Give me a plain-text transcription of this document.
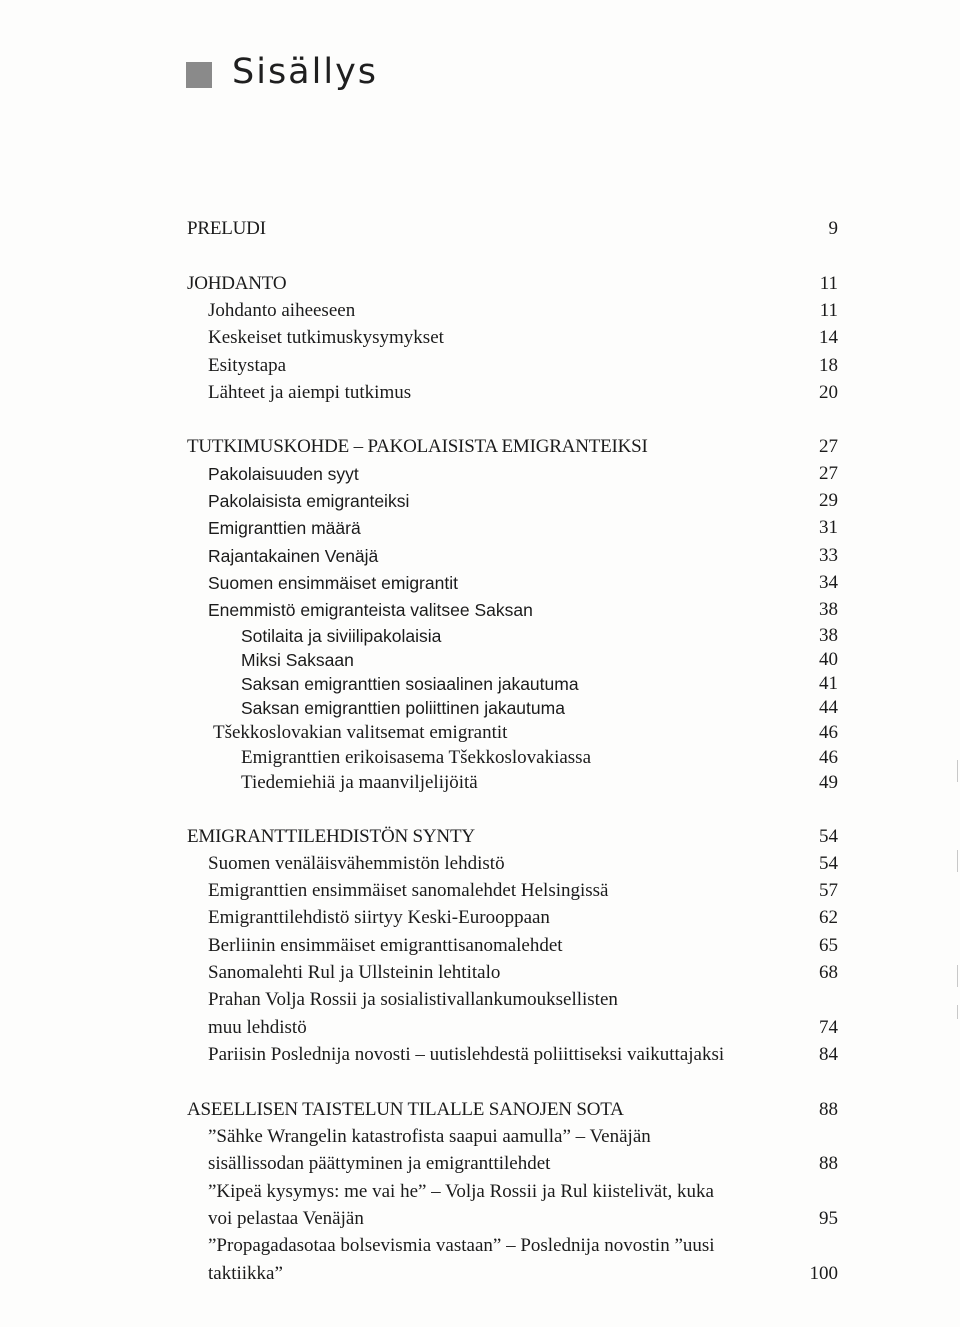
Sisällys
PRELUDI	9
JOHDANTO	11
Johdanto aiheeseen	11
Keskeiset tutkimuskysymykset	14
Esitystapa	18
Lähteet ja aiempi tutkimus	20
TUTKIMUSKOHDE – PAKOLAISISTA EMIGRANTEIKSI	27
Pakolaisuuden syyt	27
Pakolaisista emigranteiksi	29
Emigranttien määrä	31
Rajantakainen Venäjä	33
Suomen ensimmäiset emigrantit	34
Enemmistö emigranteista valitsee Saksan	38
Sotilaita ja siviilipakolaisia	38
Miksi Saksaan	40
Saksan emigranttien sosiaalinen jakautuma	41
Saksan emigranttien poliittinen jakautuma	44
Tšekkoslovakian valitsemat emigrantit	46
Emigranttien erikoisasema Tšekkoslovakiassa	46
Tiedemiehiä ja maanviljelijöitä	49
EMIGRANTTILEHDISTÖN SYNTY	54
Suomen venäläisvähemmistön lehdistö	54
Emigranttien ensimmäiset sanomalehdet Helsingissä	57
Emigranttilehdistö siirtyy Keski-Eurooppaan	62
Berliinin ensimmäiset emigranttisanomalehdet	65
Sanomalehti Rul ja Ullsteinin lehtitalo	68
Prahan Volja Rossii ja sosialistivallankumouksellisten
muu lehdistö	74
Pariisin Poslednija novosti – uutislehdestä poliittiseksi vaikuttajaksi	84
ASEELLISEN TAISTELUN TILALLE SANOJEN SOTA	88
”Sähke Wrangelin katastrofista saapui aamulla” – Venäjän
sisällissodan päättyminen ja emigranttilehdet	88
”Kipeä kysymys: me vai he” – Volja Rossii ja Rul kiistelivät, kuka
voi pelastaa Venäjän	95
”Propagadasotaa bolsevismia vastaan” – Poslednija novostin ”uusi
taktiikka”	100
